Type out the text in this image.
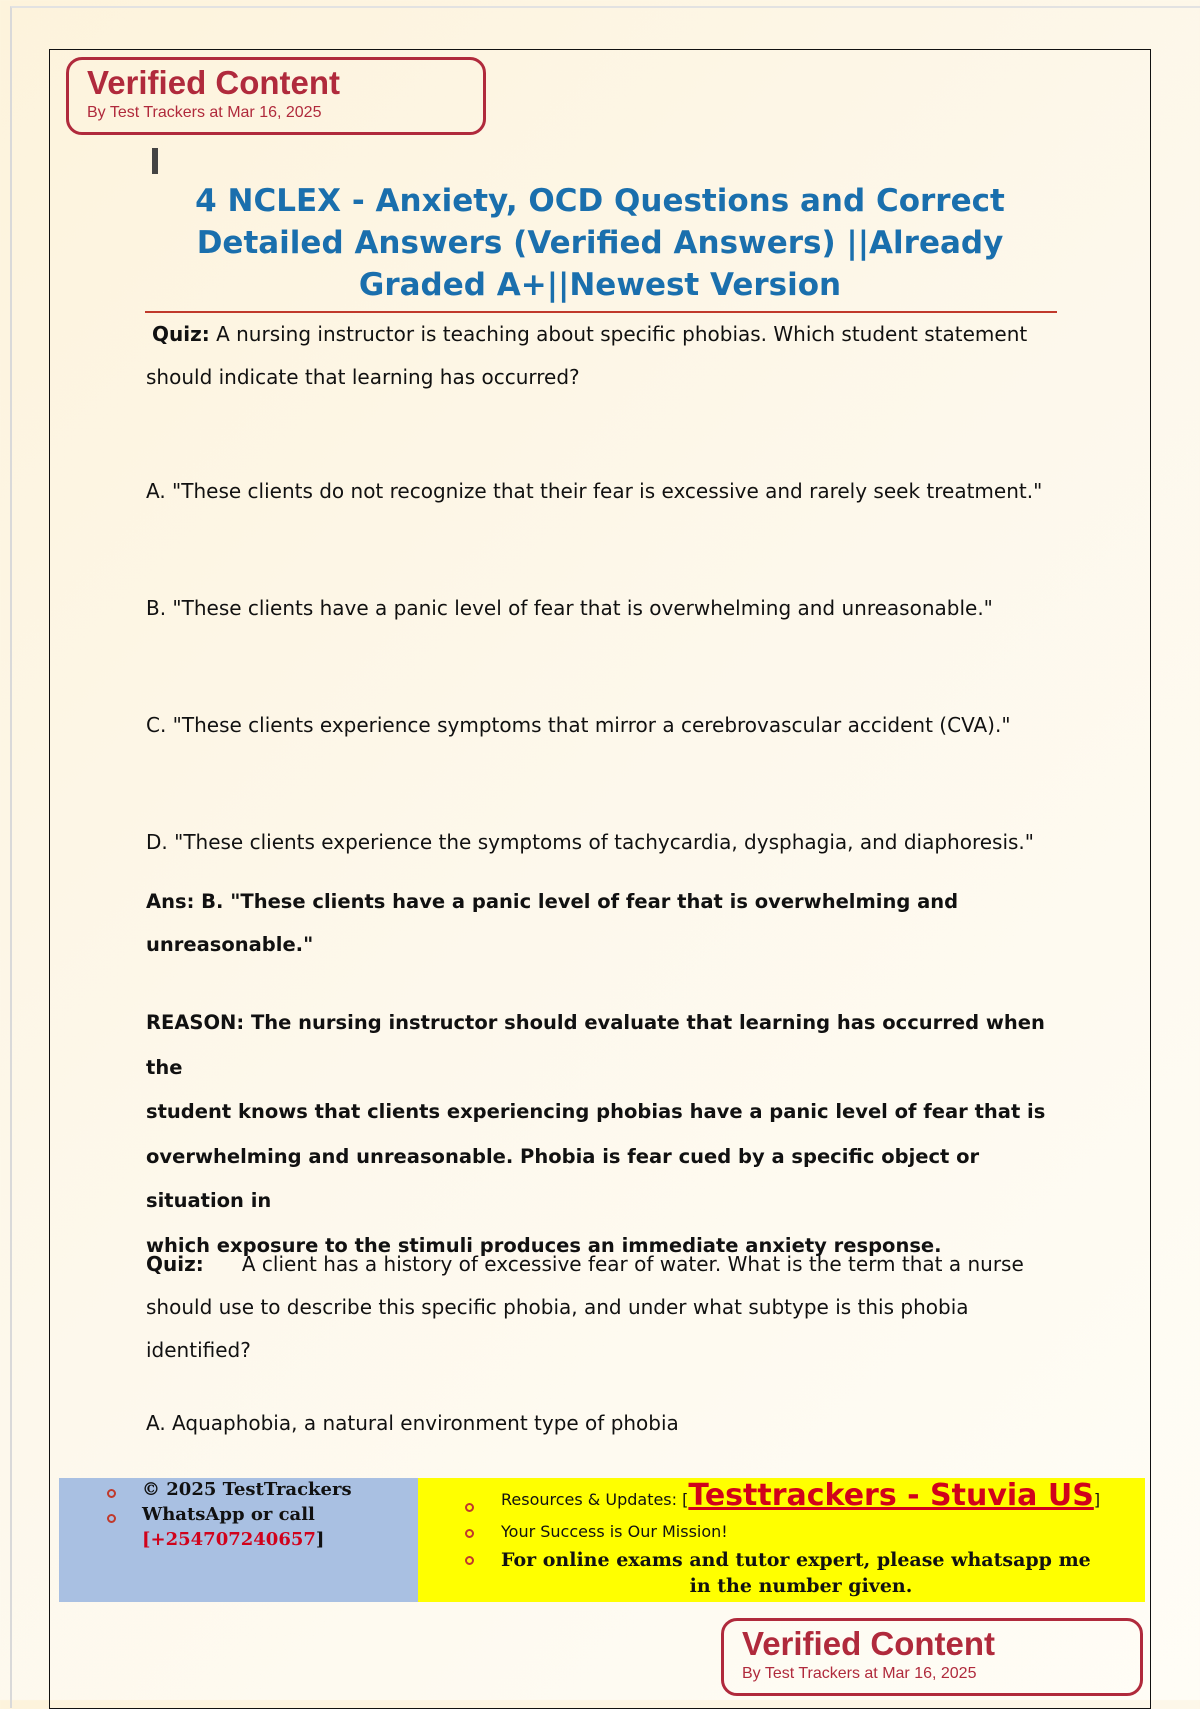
Verified Content
By Test Trackers at Mar 16, 2025
4 NCLEX - Anxiety, OCD Questions and Correct
Detailed Answers (Verified Answers) ||Already
Graded A+||Newest Version

Quiz: A nursing instructor is teaching about specific phobias. Which student statement
should indicate that learning has occurred?

A. "These clients do not recognize that their fear is excessive and rarely seek treatment."

B. "These clients have a panic level of fear that is overwhelming and unreasonable."

C. "These clients experience symptoms that mirror a cerebrovascular accident (CVA)."

D. "These clients experience the symptoms of tachycardia, dysphagia, and diaphoresis."

Ans: B. "These clients have a panic level of fear that is overwhelming and unreasonable."

REASON: The nursing instructor should evaluate that learning has occurred when the
student knows that clients experiencing phobias have a panic level of fear that is
overwhelming and unreasonable. Phobia is fear cued by a specific object or situation in
which exposure to the stimuli produces an immediate anxiety response.

Quiz:      A client has a history of excessive fear of water. What is the term that a nurse
should use to describe this specific phobia, and under what subtype is this phobia identified?

A. Aquaphobia, a natural environment type of phobia

© 2025 TestTrackers
WhatsApp or call
[+254707240657]
Resources & Updates: [Testtrackers - Stuvia US]
Your Success is Our Mission!
For online exams and tutor expert, please whatsapp me

in the number given.
Verified Content
By Test Trackers at Mar 16, 2025
